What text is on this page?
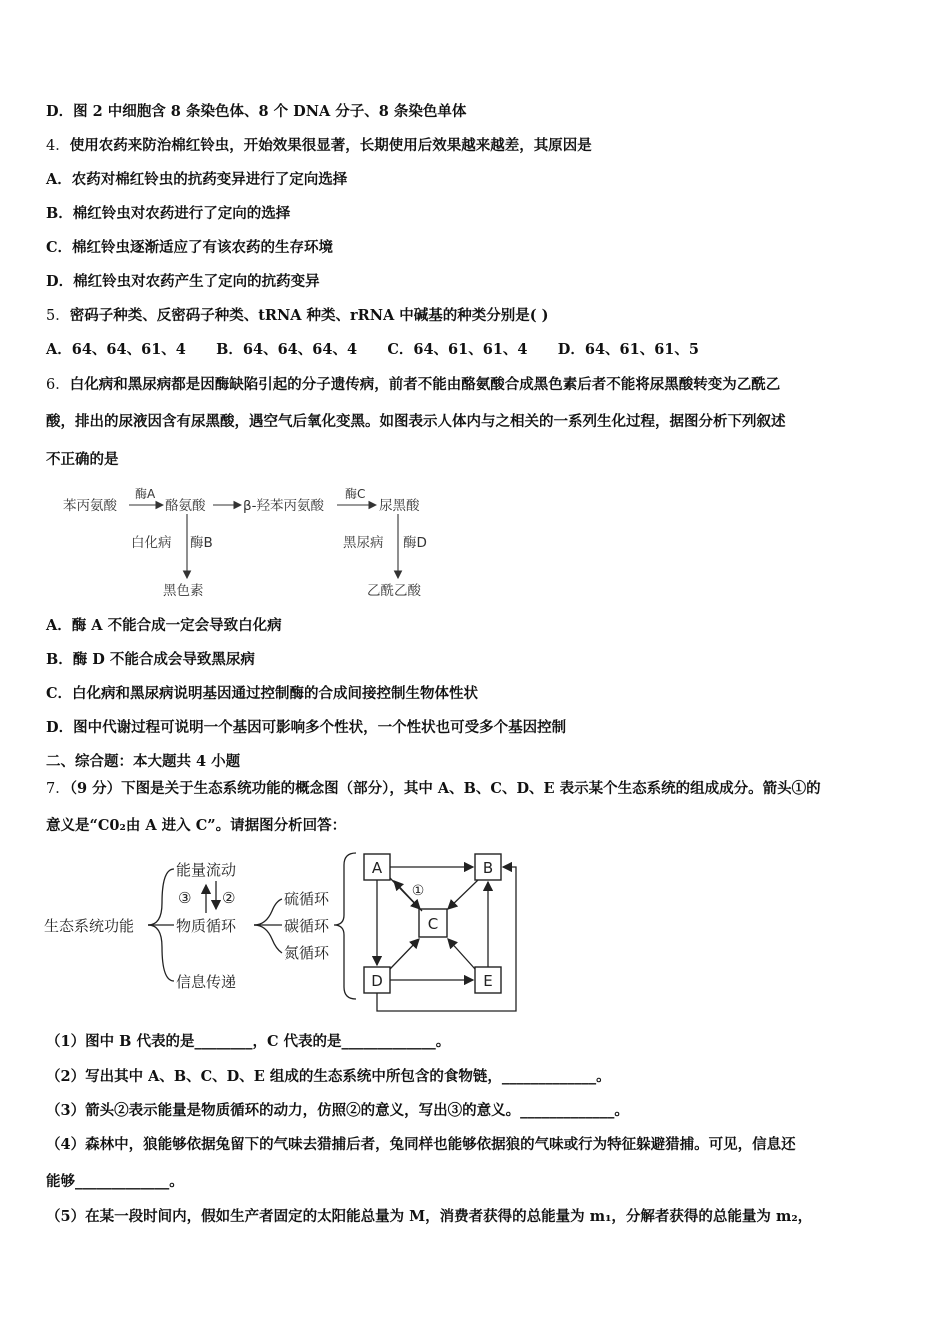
D．图 2 中细胞含 8 条染色体、8 个 DNA 分子、8 条染色单体
4．使用农药来防治棉红铃虫，开始效果很显著，长期使用后效果越来越差，其原因是
A．农药对棉红铃虫的抗药变异进行了定向选择
B．棉红铃虫对农药进行了定向的选择
C．棉红铃虫逐渐适应了有该农药的生存环境
D．棉红铃虫对农药产生了定向的抗药变异
5．密码子种类、反密码子种类、tRNA 种类、rRNA 中碱基的种类分别是( )
A．64、64、61、4      B．64、64、64、4      C．64、61、61、4      D．64、61、61、5
6．白化病和黑尿病都是因酶缺陷引起的分子遗传病，前者不能由酪氨酸合成黑色素后者不能将尿黑酸转变为乙酰乙
酸，排出的尿液因含有尿黑酸，遇空气后氧化变黑。如图表示人体内与之相关的一系列生化过程，据图分析下列叙述
不正确的是
苯丙氨酸
酶A
酪氨酸	β-羟苯丙氨酸
酶C
尿黑酸
白化病 酶B	黑尿病 酶D
黑色素	乙酰乙酸
A．酶 A 不能合成一定会导致白化病
B．酶 D 不能合成会导致黑尿病
C．白化病和黑尿病说明基因通过控制酶的合成间接控制生物体性状
D．图中代谢过程可说明一个基因可影响多个性状，一个性状也可受多个基因控制
二、综合题：本大题共 4 小题
7．（9 分）下图是关于生态系统功能的概念图（部分），其中 A、B、C、D、E 表示某个生态系统的组成成分。箭头①的
意义是“C0₂由 A 进入 C”。请据图分析回答：
生态系统功能
能量流动
物质循环
信息传递
③ ②	硫循环
碳循环
氮循环
A	B
C
D	E
①
（1）图中 B 代表的是________，C 代表的是_____________。
（2）写出其中 A、B、C、D、E 组成的生态系统中所包含的食物链，_____________。
（3）箭头②表示能量是物质循环的动力，仿照②的意义，写出③的意义。_____________。
（4）森林中，狼能够依据兔留下的气味去猎捕后者，兔同样也能够依据狼的气味或行为特征躲避猎捕。可见，信息还
能够_____________。
（5）在某一段时间内，假如生产者固定的太阳能总量为 M，消费者获得的总能量为 m₁，分解者获得的总能量为 m₂，
